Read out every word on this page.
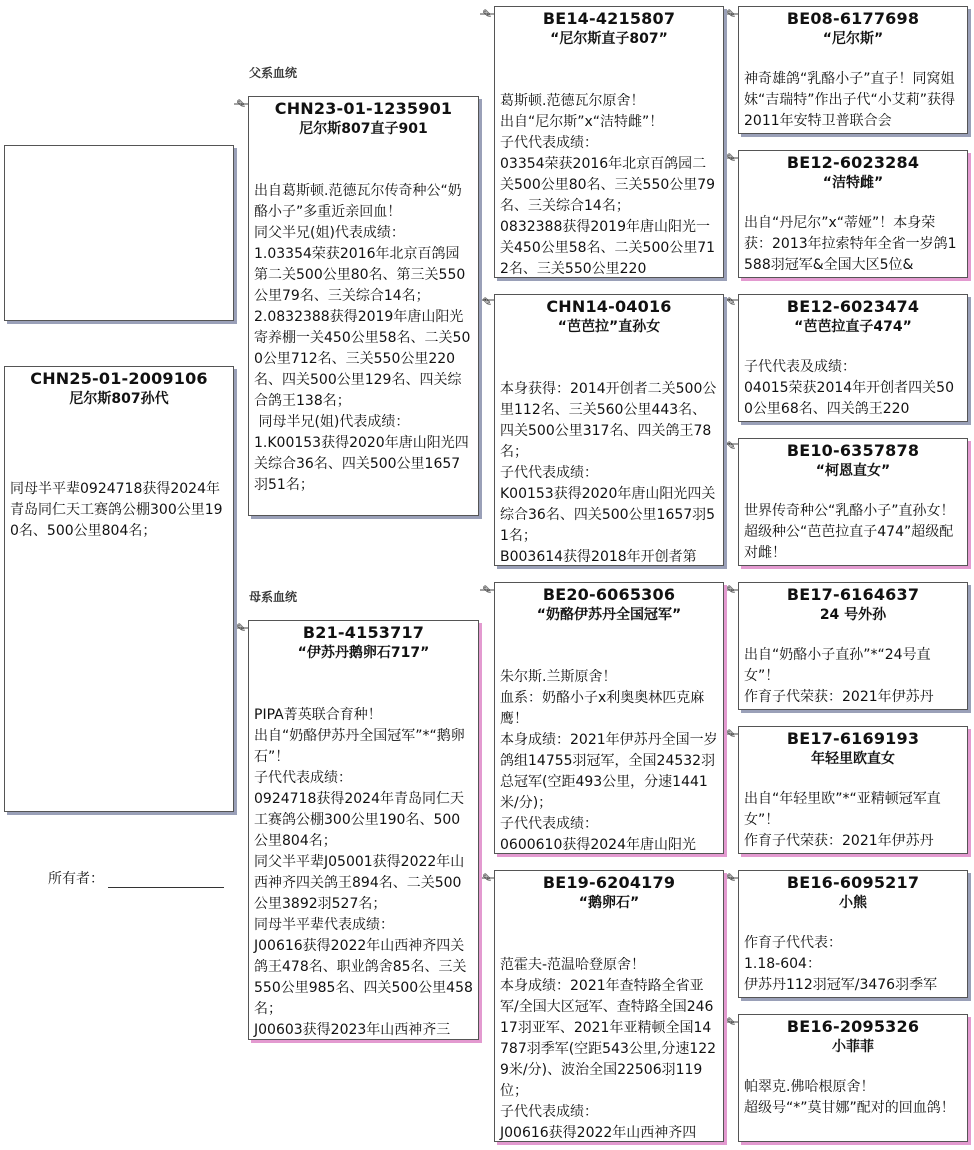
CHN25-01-2009106
尼尔斯807孙代
同母半平辈0924718获得2024年青岛同仁天工赛鸽公棚300公里190名、500公里804名；
所有者：
父系血统
母系血统
✎	CHN23-01-1235901
尼尔斯807直子901
出自葛斯顿.范德瓦尔传奇种公“奶酪小子”多重近亲回血！
同父半兄(姐)代表成绩：
1.03354荣获2016年北京百鸽园第二关500公里80名、第三关550公里79名、三关综合14名；
2.0832388获得2019年唐山阳光寄养棚一关450公里58名、二关500公里712名、三关550公里220名、四关500公里129名、四关综合鸽王138名；
同母半兄(姐)代表成绩：
1.K00153获得2020年唐山阳光四关综合36名、四关500公里1657羽51名；
✎	B21-4153717
“伊苏丹鹅卵石717”
PIPA菁英联合育种！
出自“奶酪伊苏丹全国冠军”*“鹅卵石”！
子代代表成绩：
0924718获得2024年青岛同仁天工赛鸽公棚300公里190名、500公里804名；
同父半平辈J05001获得2022年山西神齐四关鸽王894名、二关500公里3892羽527名；
同母半平辈代表成绩：
J00616获得2022年山西神齐四关鸽王478名、职业鸽舍85名、三关550公里985名、四关500公里458名；
J00603获得2023年山西神齐三
✎	BE14-4215807
“尼尔斯直子807”
葛斯顿.范德瓦尔原舍！
出自“尼尔斯”x“洁特雌”！
子代代表成绩：
03354荣获2016年北京百鸽园二关500公里80名、三关550公里79名、三关综合14名；
0832388获得2019年唐山阳光一关450公里58名、二关500公里712名、三关550公里220
✎	CHN14-04016
“芭芭拉”直孙女
本身获得：2014开创者二关500公里112名、三关560公里443名、四关500公里317名、四关鸽王78名；
子代代表成绩：
K00153获得2020年唐山阳光四关综合36名、四关500公里1657羽51名；
B003614获得2018年开创者第
✎	BE20-6065306
“奶酪伊苏丹全国冠军”
朱尔斯.兰斯原舍！
血系：奶酪小子x利奥奥林匹克麻鹰！
本身成绩：2021年伊苏丹全国一岁鸽组14755羽冠军，全国24532羽总冠军(空距493公里，分速1441米/分)；
子代代表成绩：
0600610获得2024年唐山阳光
✎	BE19-6204179
“鹅卵石”
范霍夫-范温哈登原舍！
本身成绩：2021年查特路全省亚军/全国大区冠军、查特路全国24617羽亚军、2021年亚精顿全国14787羽季军(空距543公里,分速1229米/分)、波治全国22506羽119位；
子代代表成绩：
J00616获得2022年山西神齐四
✎	BE08-6177698
“尼尔斯”
神奇雄鸽“乳酪小子”直子！同窝姐妹“吉瑞特”作出子代“小艾莉”获得2011年安特卫普联合会
✎	BE12-6023284
“洁特雌”
出自“丹尼尔”x“蒂娅”！本身荣获：2013年拉索特年全省一岁鸽1588羽冠军&全国大区5位&
✎	BE12-6023474
“芭芭拉直子474”
子代代表及成绩：
04015荣获2014年开创者四关500公里68名、四关鸽王220
✎	BE10-6357878
“柯恩直女”
世界传奇种公“乳酪小子”直孙女！超级种公“芭芭拉直子474”超级配对雌！
✎	BE17-6164637
24 号外孙
出自“奶酪小子直孙”*“24号直女”！
作育子代荣获：2021年伊苏丹
✎	BE17-6169193
年轻里欧直女
出自“年轻里欧”*“亚精顿冠军直女”！
作育子代荣获：2021年伊苏丹
✎	BE16-6095217
小熊
作育子代代表：
1.18-604：
伊苏丹112羽冠军/3476羽季军
✎	BE16-2095326
小菲菲
帕翠克.佛哈根原舍！
超级号“*”莫甘娜”配对的回血鸽！
